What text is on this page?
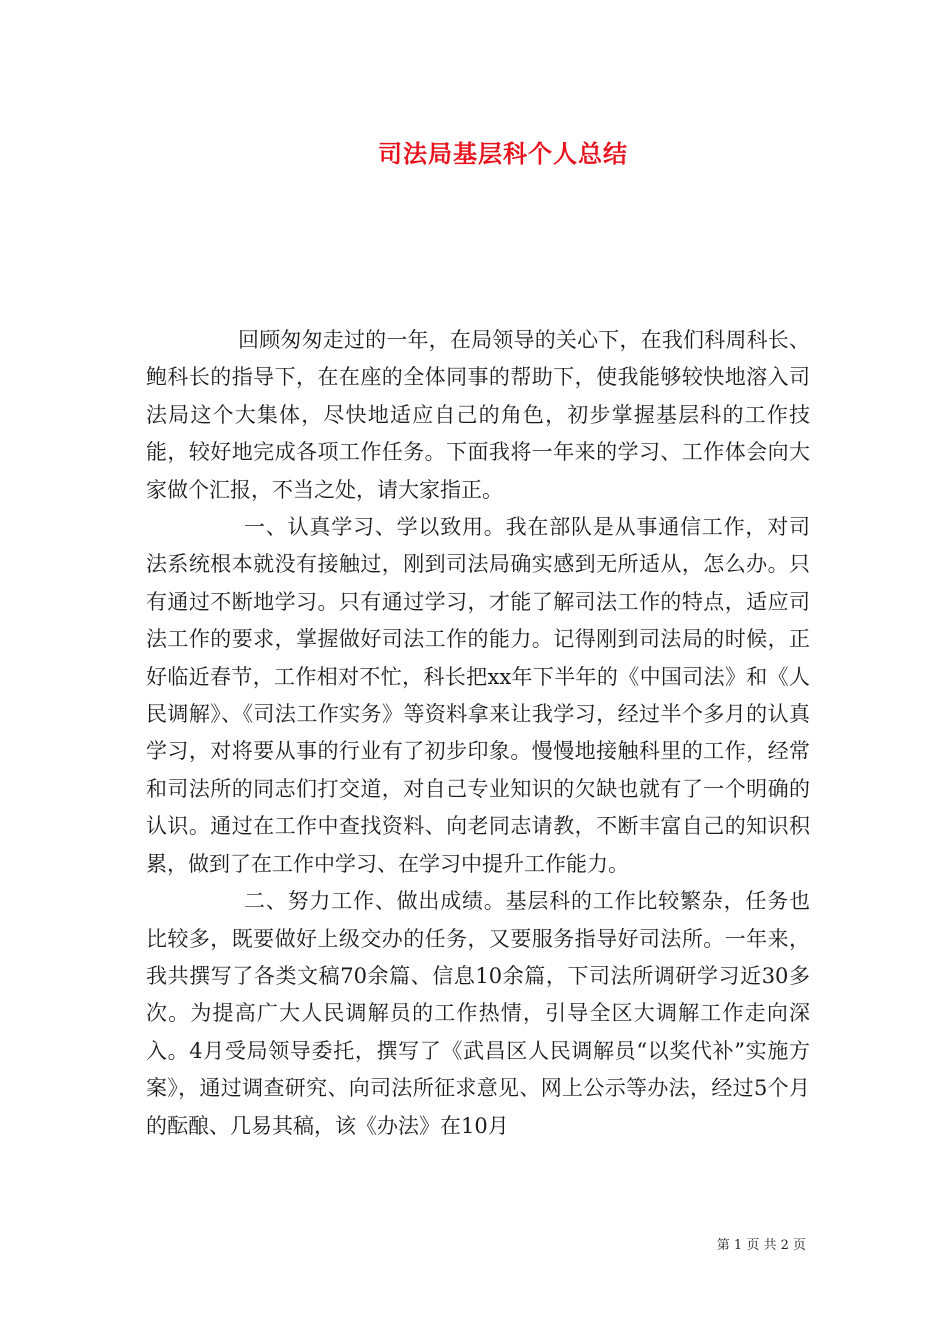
司法局基层科个人总结

回顾匆匆走过的一年，在局领导的关心下，在我们科周科长、鲍科长的指导下，在在座的全体同事的帮助下，使我能够较快地溶入司法局这个大集体，尽快地适应自己的角色，初步掌握基层科的工作技能，较好地完成各项工作任务。下面我将一年来的学习、工作体会向大家做个汇报，不当之处，请大家指正。

一、认真学习、学以致用。我在部队是从事通信工作，对司法系统根本就没有接触过，刚到司法局确实感到无所适从，怎么办。只有通过不断地学习。只有通过学习，才能了解司法工作的特点，适应司法工作的要求，掌握做好司法工作的能力。记得刚到司法局的时候，正好临近春节，工作相对不忙，科长把xx年下半年的《中国司法》和《人民调解》、《司法工作实务》等资料拿来让我学习，经过半个多月的认真学习，对将要从事的行业有了初步印象。慢慢地接触科里的工作，经常和司法所的同志们打交道，对自己专业知识的欠缺也就有了一个明确的认识。通过在工作中查找资料、向老同志请教，不断丰富自己的知识积累，做到了在工作中学习、在学习中提升工作能力。

二、努力工作、做出成绩。基层科的工作比较繁杂，任务也比较多，既要做好上级交办的任务，又要服务指导好司法所。一年来，我共撰写了各类文稿70余篇、信息10余篇，下司法所调研学习近30多次。为提高广大人民调解员的工作热情，引导全区大调解工作走向深入。4月受局领导委托，撰写了《武昌区人民调解员“以奖代补”实施方案》，通过调查研究、向司法所征求意见、网上公示等办法，经过5个月的酝酿、几易其稿，该《办法》在10月

第 1 页 共 2 页
